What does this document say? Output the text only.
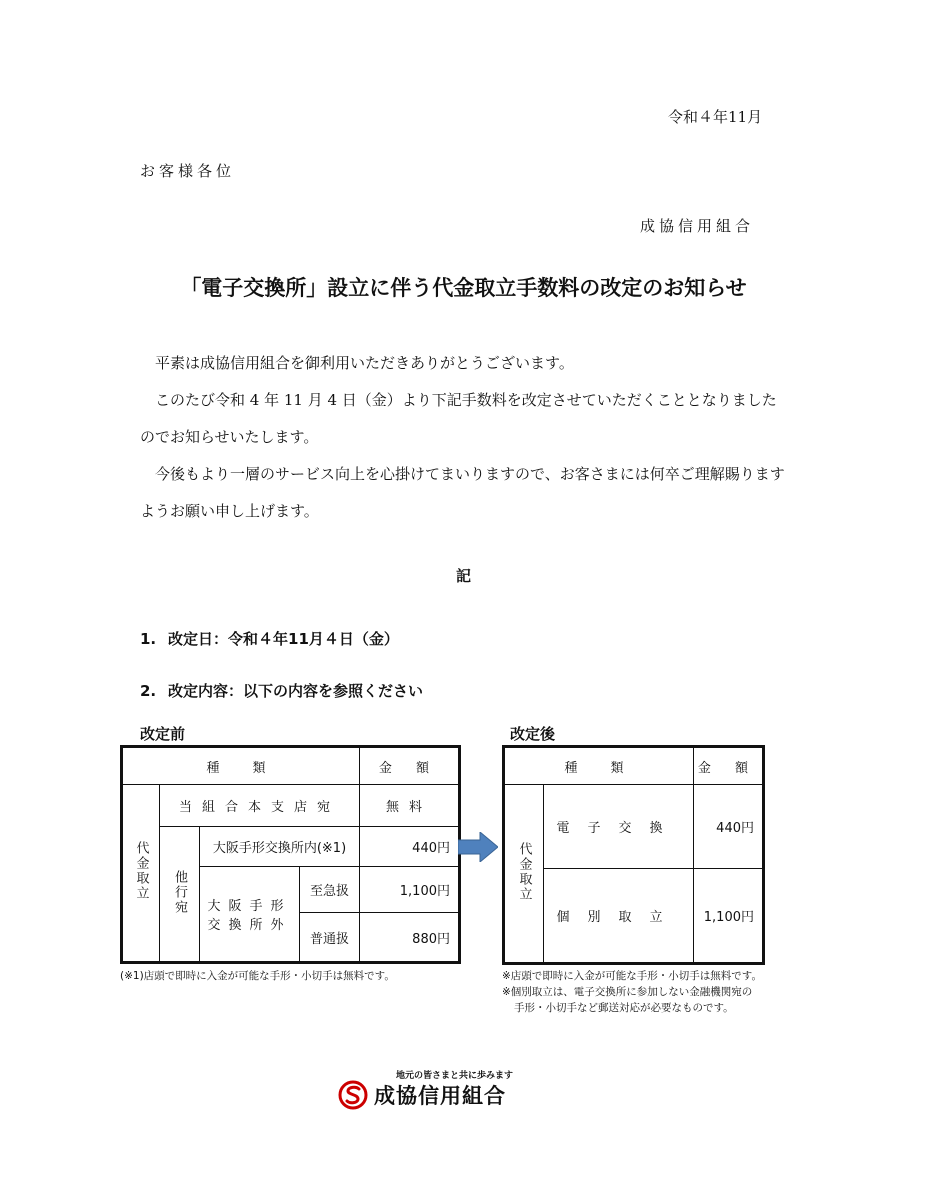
令和４年11月
お客様各位
成協信用組合
「電子交換所」設立に伴う代金取立手数料の改定のお知らせ

　平素は成協信用組合を御利用いただきありがとうございます。

　このたび令和 4 年 11 月 4 日（金）より下記手数料を改定させていただくこととなりましたのでお知らせいたします。

　今後もより一層のサービス向上を心掛けてまいりますので、お客さまには何卒ご理解賜りますようお願い申し上げます。

記
1. 改定日：令和４年11月４日（金）
2. 改定内容：以下の内容を参照ください
改定前	改定後
種　類				金 額
代金取立	当組合本支店宛			無料
	他行宛	大阪手形交換所内(※1)		440円
		大阪手形交換所外	至急扱	1,100円
			普通扱	880円
種　類		金 額
代金取立	電子交換	440円
	個別取立	1,100円
(※1)店頭で即時に入金が可能な手形・小切手は無料です。	※店頭で即時に入金が可能な手形・小切手は無料です。
※個別取立は、電子交換所に参加しない金融機関宛の
手形・小切手など郵送対応が必要なものです。
地元の皆さまと共に歩みます
成協信用組合
